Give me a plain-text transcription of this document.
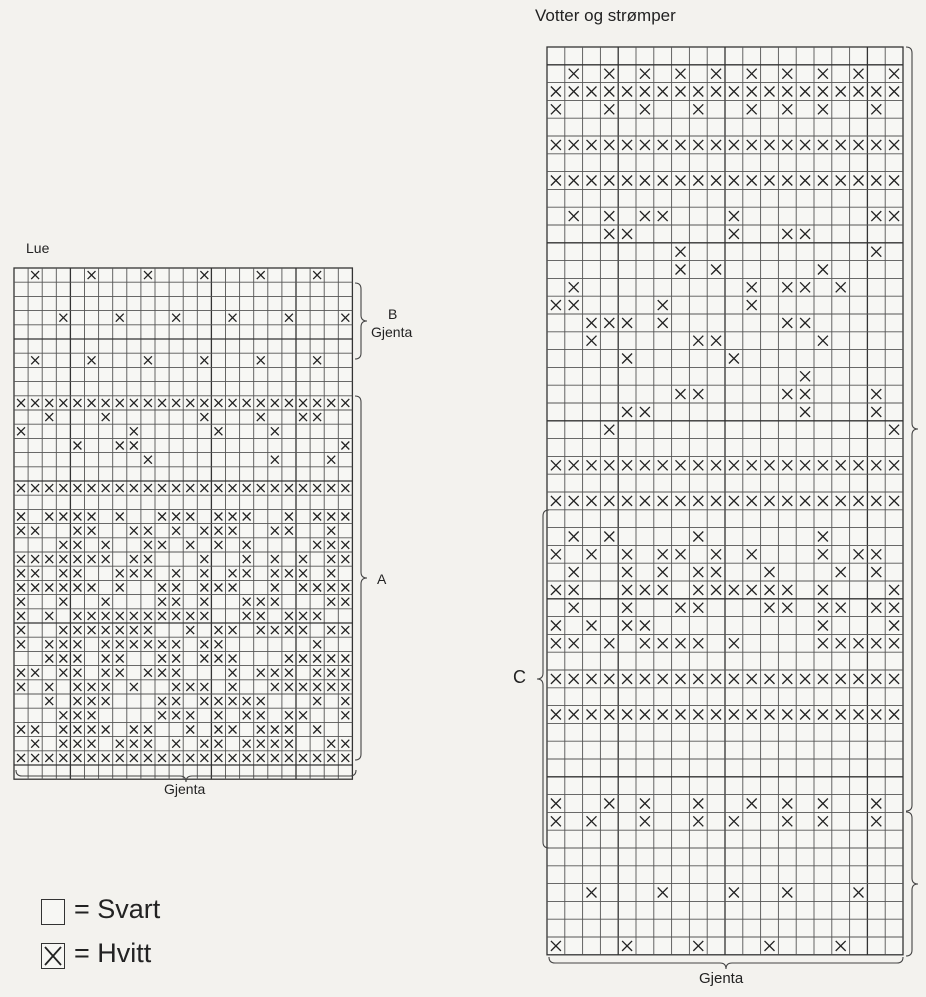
Lue
B
Gjenta
A
Gjenta
Votter og strømper
C
Gjenta
= Svart
= Hvitt
